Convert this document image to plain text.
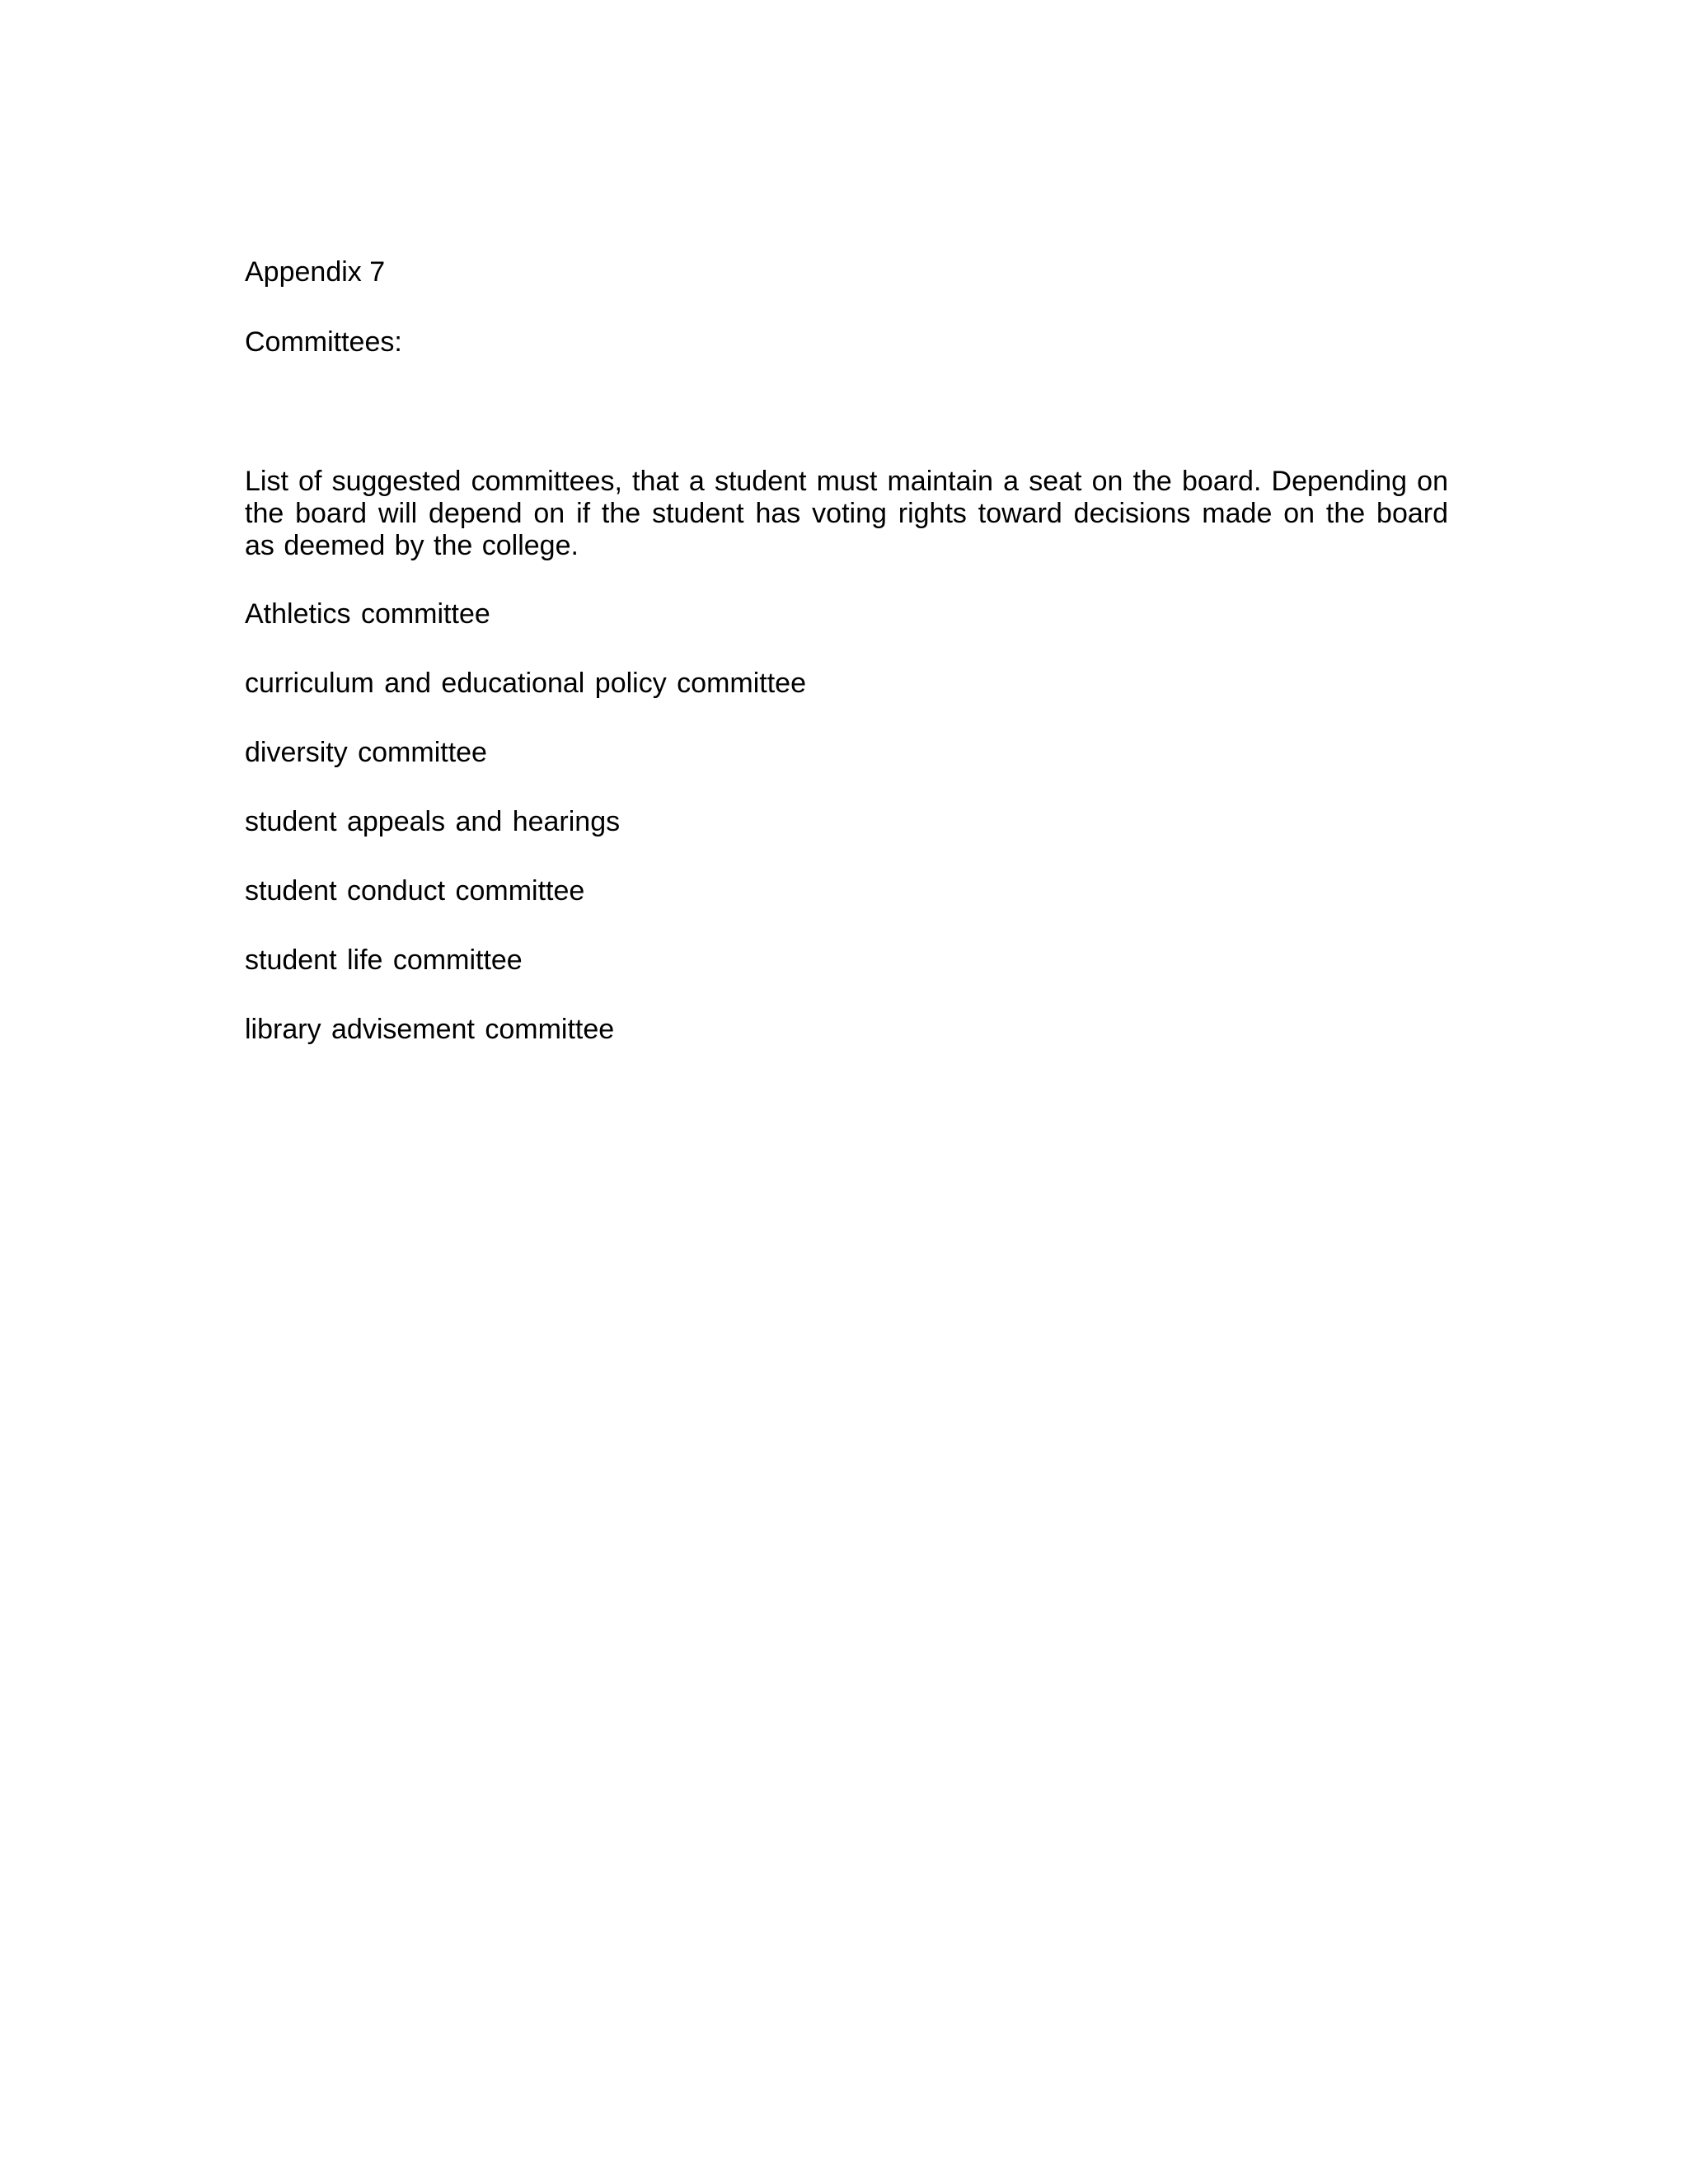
Appendix 7
Committees:
List of suggested committees, that a student must maintain a seat on the board. Depending on the board will depend on if the student has voting rights toward decisions made on the board as deemed by the college.
Athletics committee
curriculum and educational policy committee
diversity committee
student appeals and hearings
student conduct committee
student life committee
library advisement committee
